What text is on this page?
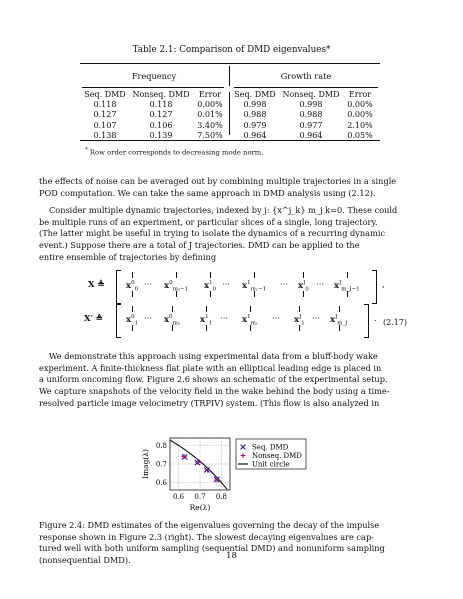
Table 2.1: Comparison of DMD eigenvalues*
Frequency	Growth rate
Seq. DMD Nonseq. DMD	Error	Seq. DMD Nonseq. DMD	Error
0.118	0.118	0.00%	0.998	0.998	0.00%
0.127	0.127	0.01%	0.988	0.988	0.00%
0.107	0.106	3.40%	0.979	0.977	2.10%
0.138	0.139	7.50%	0.964	0.964	0.05%
* Row order corresponds to decreasing mode norm.
the effects of noise can be averaged out by combining multiple trajectories in a single
POD computation. We can take the same approach in DMD analysis using (2.12).
Consider multiple dynamic trajectories, indexed by j: {x^j_k} m_j k=0. These could
be multiple runs of an experiment, or particular slices of a single, long trajectory.
(The latter might be useful in trying to isolate the dynamics of a recurring dynamic
event.) Suppose there are a total of J trajectories. DMD can be applied to the
entire ensemble of trajectories by defining
X ≜	$x^0_0$ ··· $x^0_{m_0-1}$ $x^1_0$ ··· $x^1_{m_1-1}$ ··· $x^J_0$ ··· $x^J_{m\_J-1}$	,
(2.17)
X′ ≜	$x^0_1$ ··· $x^0_{m_0}$ $x^1_1$ ··· $x^1_{m_1}$ ··· $x^J_1$ ··· $x^J_{m\_J}$	.
We demonstrate this approach using experimental data from a bluff-body wake
experiment. A finite-thickness flat plate with an elliptical leading edge is placed in
a uniform oncoming flow. Figure 2.6 shows an schematic of the experimental setup.
We capture snapshots of the velocity field in the wake behind the body using a time-
resolved particle image velocimetry (TRPIV) system. (This flow is also analyzed in
0.6 0.7 0.8
0.6
0.7
0.8
Re(λ)
Imag(λ)
Seq. DMD
Nonseq. DMD
Unit circle
Figure 2.4: DMD estimates of the eigenvalues governing the decay of the impulse
response shown in Figure 2.3 (right). The slowest decaying eigenvalues are cap-
tured well with both uniform sampling (sequential DMD) and nonuniform sampling
(nonsequential DMD).	18
